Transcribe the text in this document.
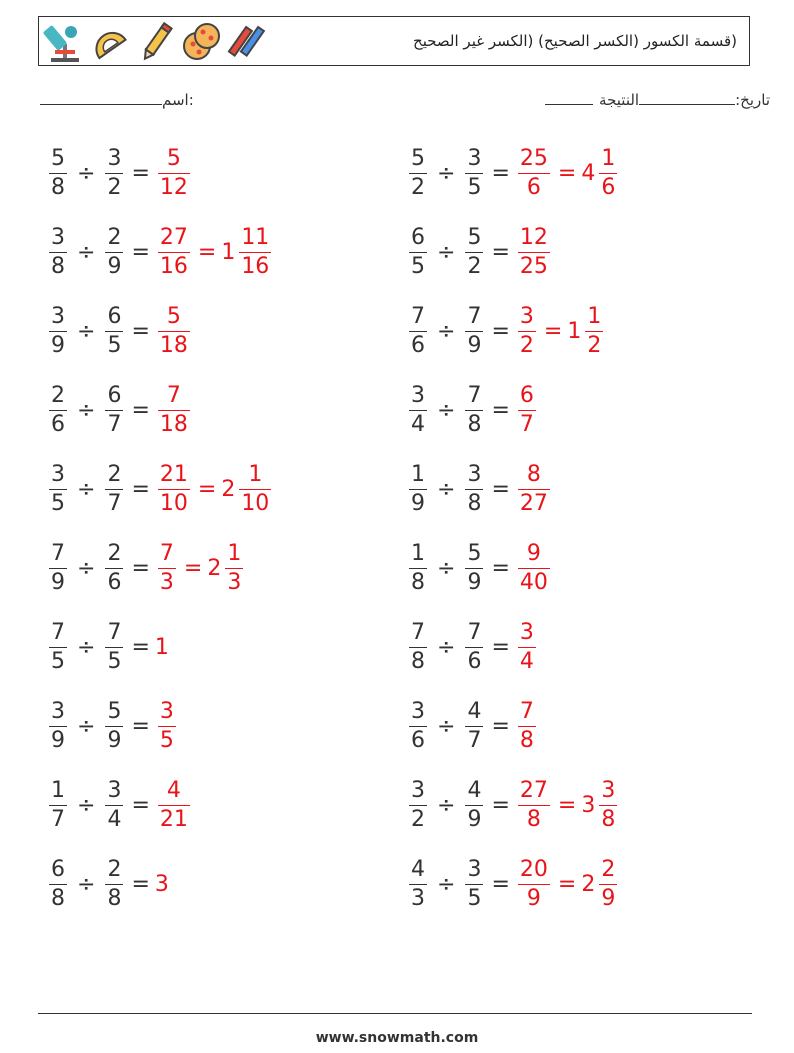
(قسمة الكسور (الكسر الصحيح) (الكسر غير الصحيح
اسم:	تاريخ:النتيجة
$\frac{5}{8} \div \frac{3}{2} = \frac{5}{12}$	$\frac{5}{2} \div \frac{3}{5} = \frac{25}{6} = 4 \frac{1}{6}$
$\frac{3}{8} \div \frac{2}{9} = \frac{27}{16} = 1 \frac{11}{16}$	$\frac{6}{5} \div \frac{5}{2} = \frac{12}{25}$
$\frac{3}{9} \div \frac{6}{5} = \frac{5}{18}$	$\frac{7}{6} \div \frac{7}{9} = \frac{3}{2} = 1 \frac{1}{2}$
$\frac{2}{6} \div \frac{6}{7} = \frac{7}{18}$	$\frac{3}{4} \div \frac{7}{8} = \frac{6}{7}$
$\frac{3}{5} \div \frac{2}{7} = \frac{21}{10} = 2 \frac{1}{10}$	$\frac{1}{9} \div \frac{3}{8} = \frac{8}{27}$
$\frac{7}{9} \div \frac{2}{6} = \frac{7}{3} = 2 \frac{1}{3}$	$\frac{1}{8} \div \frac{5}{9} = \frac{9}{40}$
$\frac{7}{5} \div \frac{7}{5} = 1$	$\frac{7}{8} \div \frac{7}{6} = \frac{3}{4}$
$\frac{3}{9} \div \frac{5}{9} = \frac{3}{5}$	$\frac{3}{6} \div \frac{4}{7} = \frac{7}{8}$
$\frac{1}{7} \div \frac{3}{4} = \frac{4}{21}$	$\frac{3}{2} \div \frac{4}{9} = \frac{27}{8} = 3 \frac{3}{8}$
$\frac{6}{8} \div \frac{2}{8} = 3$	$\frac{4}{3} \div \frac{3}{5} = \frac{20}{9} = 2 \frac{2}{9}$
www.snowmath.com
